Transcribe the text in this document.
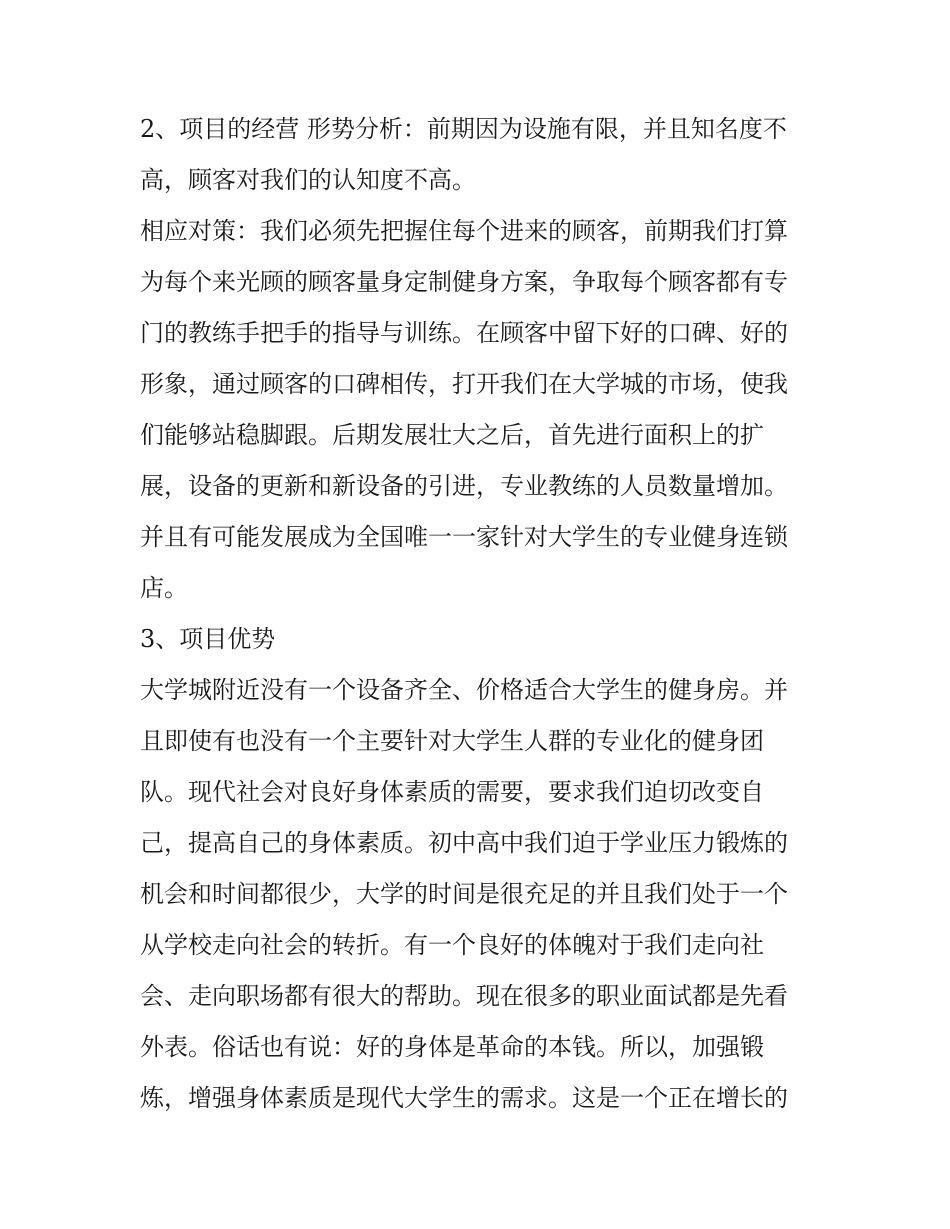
2、项目的经营 形势分析：前期因为设施有限，并且知名度不
高，顾客对我们的认知度不高。
相应对策：我们必须先把握住每个进来的顾客，前期我们打算
为每个来光顾的顾客量身定制健身方案，争取每个顾客都有专
门的教练手把手的指导与训练。在顾客中留下好的口碑、好的
形象，通过顾客的口碑相传，打开我们在大学城的市场，使我
们能够站稳脚跟。后期发展壮大之后，首先进行面积上的扩
展，设备的更新和新设备的引进，专业教练的人员数量增加。
并且有可能发展成为全国唯一一家针对大学生的专业健身连锁
店。
3、项目优势
大学城附近没有一个设备齐全、价格适合大学生的健身房。并
且即使有也没有一个主要针对大学生人群的专业化的健身团
队。现代社会对良好身体素质的需要，要求我们迫切改变自
己，提高自己的身体素质。初中高中我们迫于学业压力锻炼的
机会和时间都很少，大学的时间是很充足的并且我们处于一个
从学校走向社会的转折。有一个良好的体魄对于我们走向社
会、走向职场都有很大的帮助。现在很多的职业面试都是先看
外表。俗话也有说：好的身体是革命的本钱。所以，加强锻
炼，增强身体素质是现代大学生的需求。这是一个正在增长的
